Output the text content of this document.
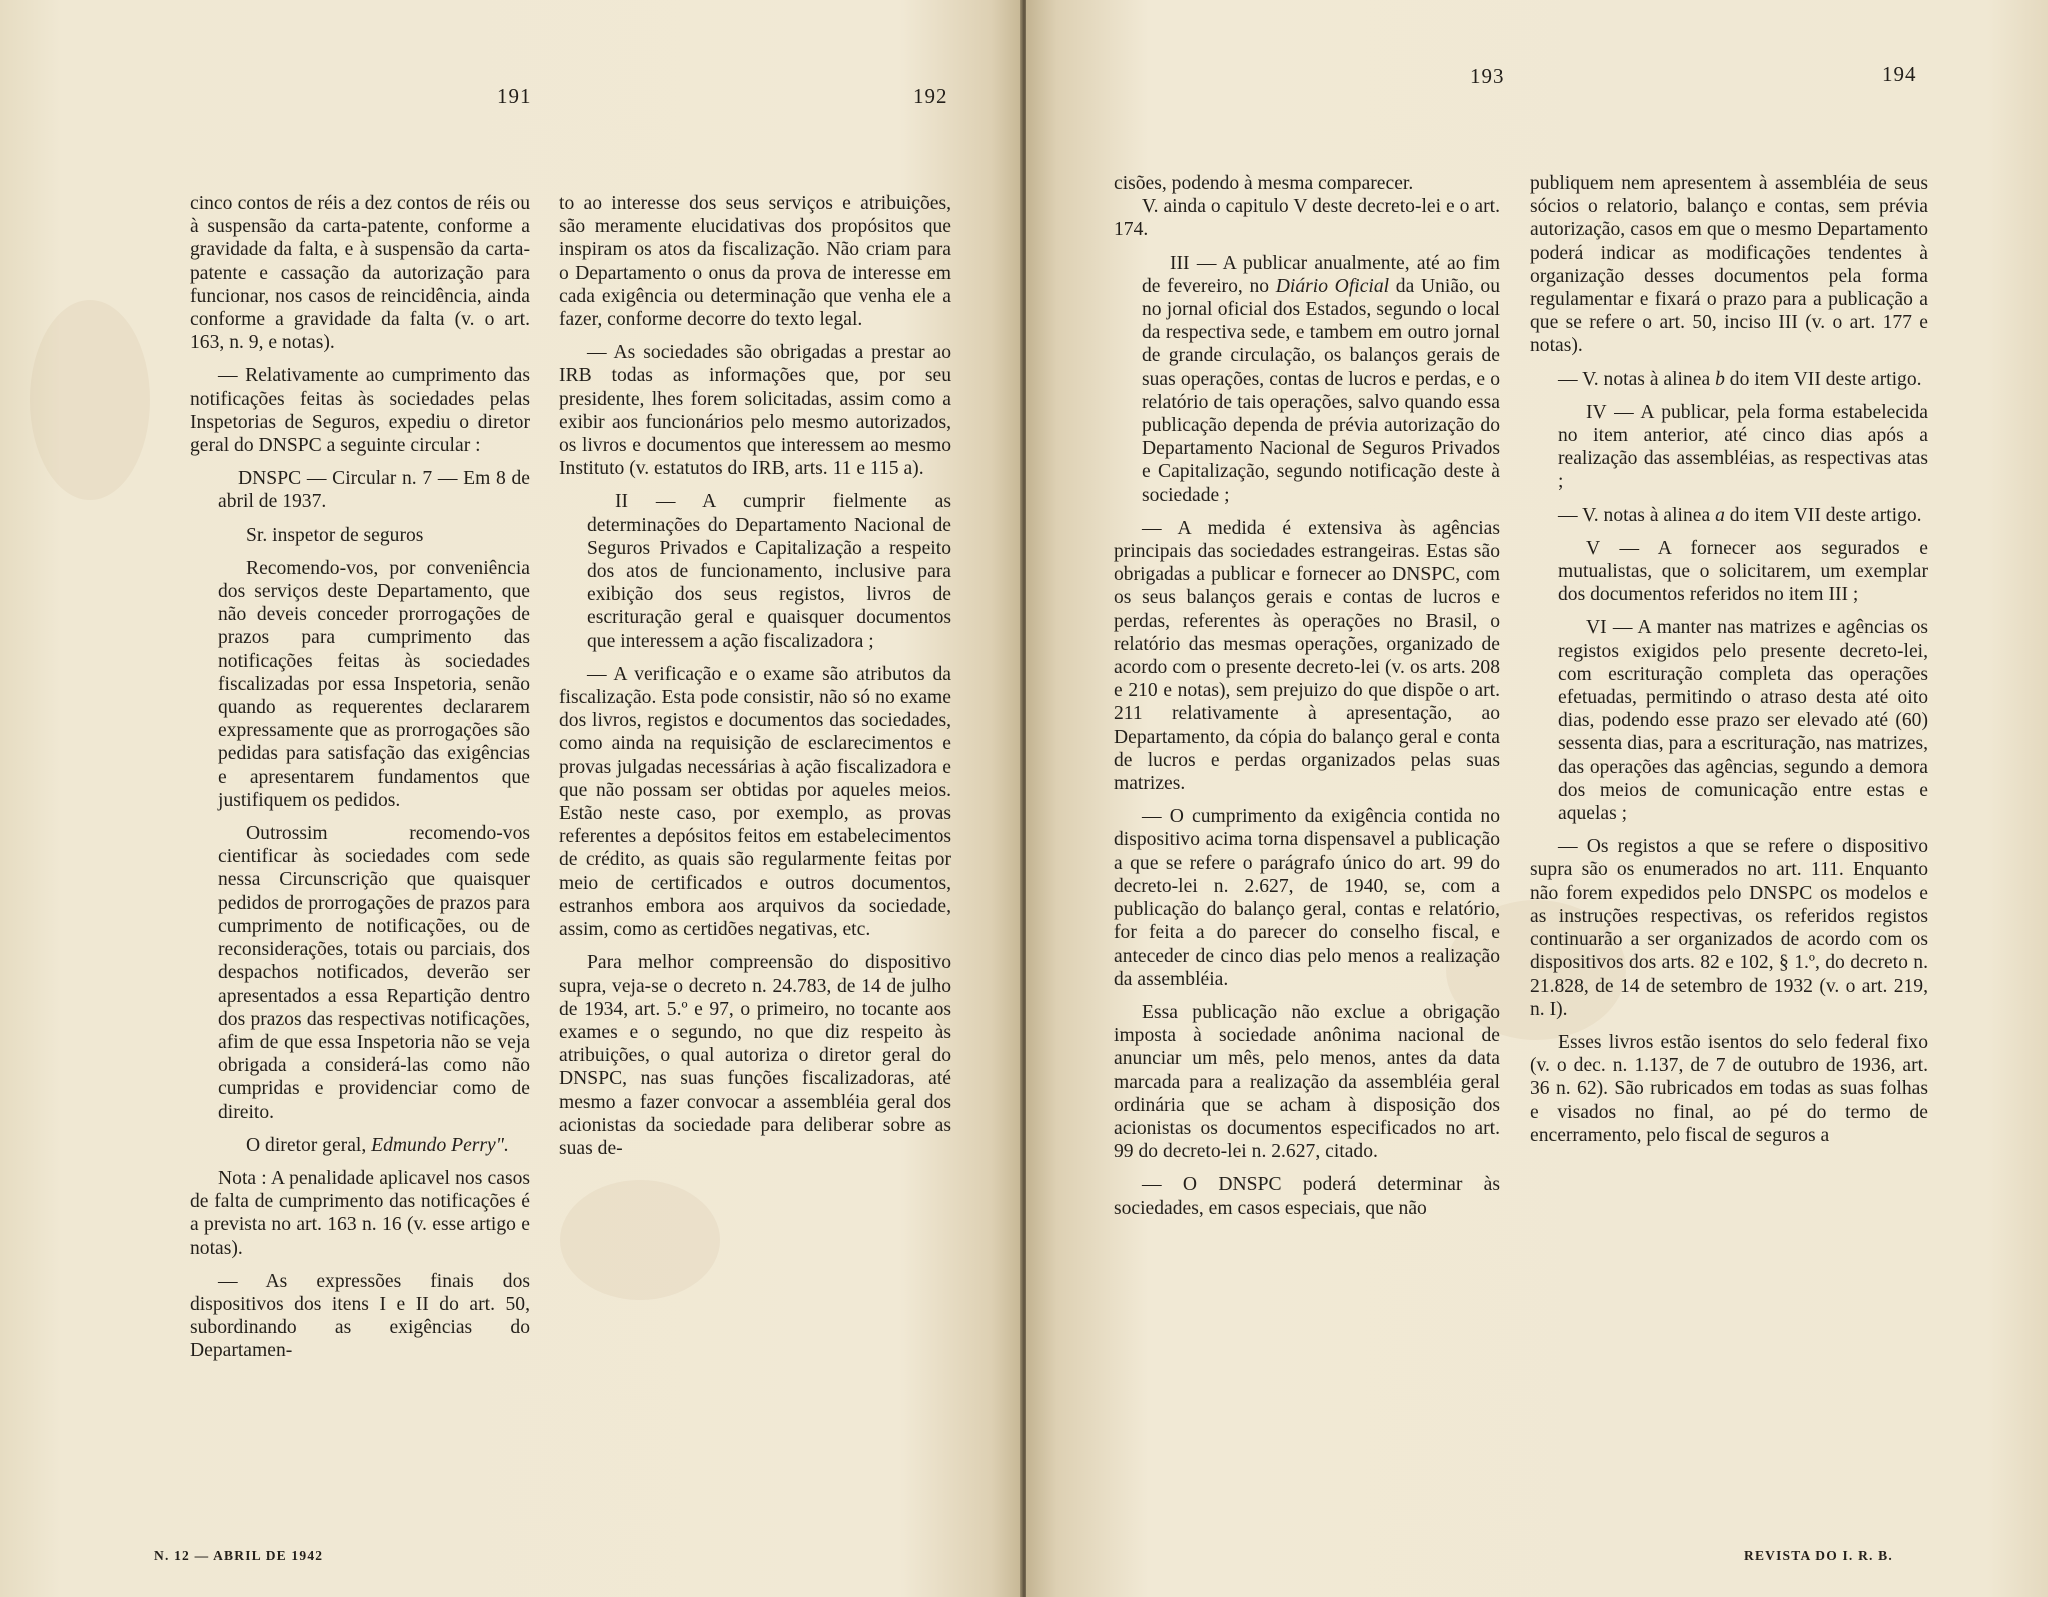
191	192

cinco contos de réis a dez contos de réis ou à suspensão da carta-patente, conforme a gravidade da falta, e à suspensão da carta-patente e cassação da autorização para funcionar, nos casos de reincidência, ainda conforme a gravidade da falta (v. o art. 163, n. 9, e notas).

— Relativamente ao cumprimento das notificações feitas às sociedades pelas Inspetorias de Seguros, expediu o diretor geral do DNSPC a seguinte circular :

DNSPC — Circular n. 7 — Em 8 de abril de 1937.

Sr. inspetor de seguros

Recomendo-vos, por conveniência dos serviços deste Departamento, que não deveis conceder prorrogações de prazos para cumprimento das notificações feitas às sociedades fiscalizadas por essa Inspetoria, senão quando as requerentes declararem expressamente que as prorrogações são pedidas para satisfação das exigências e apresentarem fundamentos que justifiquem os pedidos.

Outrossim recomendo-vos cientificar às sociedades com sede nessa Circunscrição que quaisquer pedidos de prorrogações de prazos para cumprimento de notificações, ou de reconsiderações, totais ou parciais, dos despachos notificados, deverão ser apresentados a essa Repartição dentro dos prazos das respectivas notificações, afim de que essa Inspetoria não se veja obrigada a considerá-las como não cumpridas e providenciar como de direito.

O diretor geral, Edmundo Perry".

Nota : A penalidade aplicavel nos casos de falta de cumprimento das notificações é a prevista no art. 163 n. 16 (v. esse artigo e notas).

— As expressões finais dos dispositivos dos itens I e II do art. 50, subordinando as exigências do Departamen-

to ao interesse dos seus serviços e atribuições, são meramente elucidativas dos propósitos que inspiram os atos da fiscalização. Não criam para o Departamento o onus da prova de interesse em cada exigência ou determinação que venha ele a fazer, conforme decorre do texto legal.

— As sociedades são obrigadas a prestar ao IRB todas as informações que, por seu presidente, lhes forem solicitadas, assim como a exibir aos funcionários pelo mesmo autorizados, os livros e documentos que interessem ao mesmo Instituto (v. estatutos do IRB, arts. 11 e 115 a).

II — A cumprir fielmente as determinações do Departamento Nacional de Seguros Privados e Capitalização a respeito dos atos de funcionamento, inclusive para exibição dos seus registos, livros de escrituração geral e quaisquer documentos que interessem a ação fiscalizadora ;

— A verificação e o exame são atributos da fiscalização. Esta pode consistir, não só no exame dos livros, registos e documentos das sociedades, como ainda na requisição de esclarecimentos e provas julgadas necessárias à ação fiscalizadora e que não possam ser obtidas por aqueles meios. Estão neste caso, por exemplo, as provas referentes a depósitos feitos em estabelecimentos de crédito, as quais são regularmente feitas por meio de certificados e outros documentos, estranhos embora aos arquivos da sociedade, assim, como as certidões negativas, etc.

Para melhor compreensão do dispositivo supra, veja-se o decreto n. 24.783, de 14 de julho de 1934, art. 5.º e 97, o primeiro, no tocante aos exames e o segundo, no que diz respeito às atribuições, o qual autoriza o diretor geral do DNSPC, nas suas funções fiscalizadoras, até mesmo a fazer convocar a assembléia geral dos acionistas da sociedade para deliberar sobre as suas de-

N. 12 — ABRIL DE 1942
193	194

cisões, podendo à mesma comparecer.

V. ainda o capitulo V deste decreto-lei e o art. 174.

III — A publicar anualmente, até ao fim de fevereiro, no Diário Oficial da União, ou no jornal oficial dos Estados, segundo o local da respectiva sede, e tambem em outro jornal de grande circulação, os balanços gerais de suas operações, contas de lucros e perdas, e o relatório de tais operações, salvo quando essa publicação dependa de prévia autorização do Departamento Nacional de Seguros Privados e Capitalização, segundo notificação deste à sociedade ;

— A medida é extensiva às agências principais das sociedades estrangeiras. Estas são obrigadas a publicar e fornecer ao DNSPC, com os seus balanços gerais e contas de lucros e perdas, referentes às operações no Brasil, o relatório das mesmas operações, organizado de acordo com o presente decreto-lei (v. os arts. 208 e 210 e notas), sem prejuizo do que dispõe o art. 211 relativamente à apresentação, ao Departamento, da cópia do balanço geral e conta de lucros e perdas organizados pelas suas matrizes.

— O cumprimento da exigência contida no dispositivo acima torna dispensavel a publicação a que se refere o parágrafo único do art. 99 do decreto-lei n. 2.627, de 1940, se, com a publicação do balanço geral, contas e relatório, for feita a do parecer do conselho fiscal, e anteceder de cinco dias pelo menos a realização da assembléia.

Essa publicação não exclue a obrigação imposta à sociedade anônima nacional de anunciar um mês, pelo menos, antes da data marcada para a realização da assembléia geral ordinária que se acham à disposição dos acionistas os documentos especificados no art. 99 do decreto-lei n. 2.627, citado.

— O DNSPC poderá determinar às sociedades, em casos especiais, que não

publiquem nem apresentem à assembléia de seus sócios o relatorio, balanço e contas, sem prévia autorização, casos em que o mesmo Departamento poderá indicar as modificações tendentes à organização desses documentos pela forma regulamentar e fixará o prazo para a publicação a que se refere o art. 50, inciso III (v. o art. 177 e notas).

— V. notas à alinea b do item VII deste artigo.

IV — A publicar, pela forma estabelecida no item anterior, até cinco dias após a realização das assembléias, as respectivas atas ;

— V. notas à alinea a do item VII deste artigo.

V — A fornecer aos segurados e mutualistas, que o solicitarem, um exemplar dos documentos referidos no item III ;

VI — A manter nas matrizes e agências os registos exigidos pelo presente decreto-lei, com escrituração completa das operações efetuadas, permitindo o atraso desta até oito dias, podendo esse prazo ser elevado até (60) sessenta dias, para a escrituração, nas matrizes, das operações das agências, segundo a demora dos meios de comunicação entre estas e aquelas ;

— Os registos a que se refere o dispositivo supra são os enumerados no art. 111. Enquanto não forem expedidos pelo DNSPC os modelos e as instruções respectivas, os referidos registos continuarão a ser organizados de acordo com os dispositivos dos arts. 82 e 102, § 1.º, do decreto n. 21.828, de 14 de setembro de 1932 (v. o art. 219, n. I).

Esses livros estão isentos do selo federal fixo (v. o dec. n. 1.137, de 7 de outubro de 1936, art. 36 n. 62). São rubricados em todas as suas folhas e visados no final, ao pé do termo de encerramento, pelo fiscal de seguros a

REVISTA DO I. R. B.
